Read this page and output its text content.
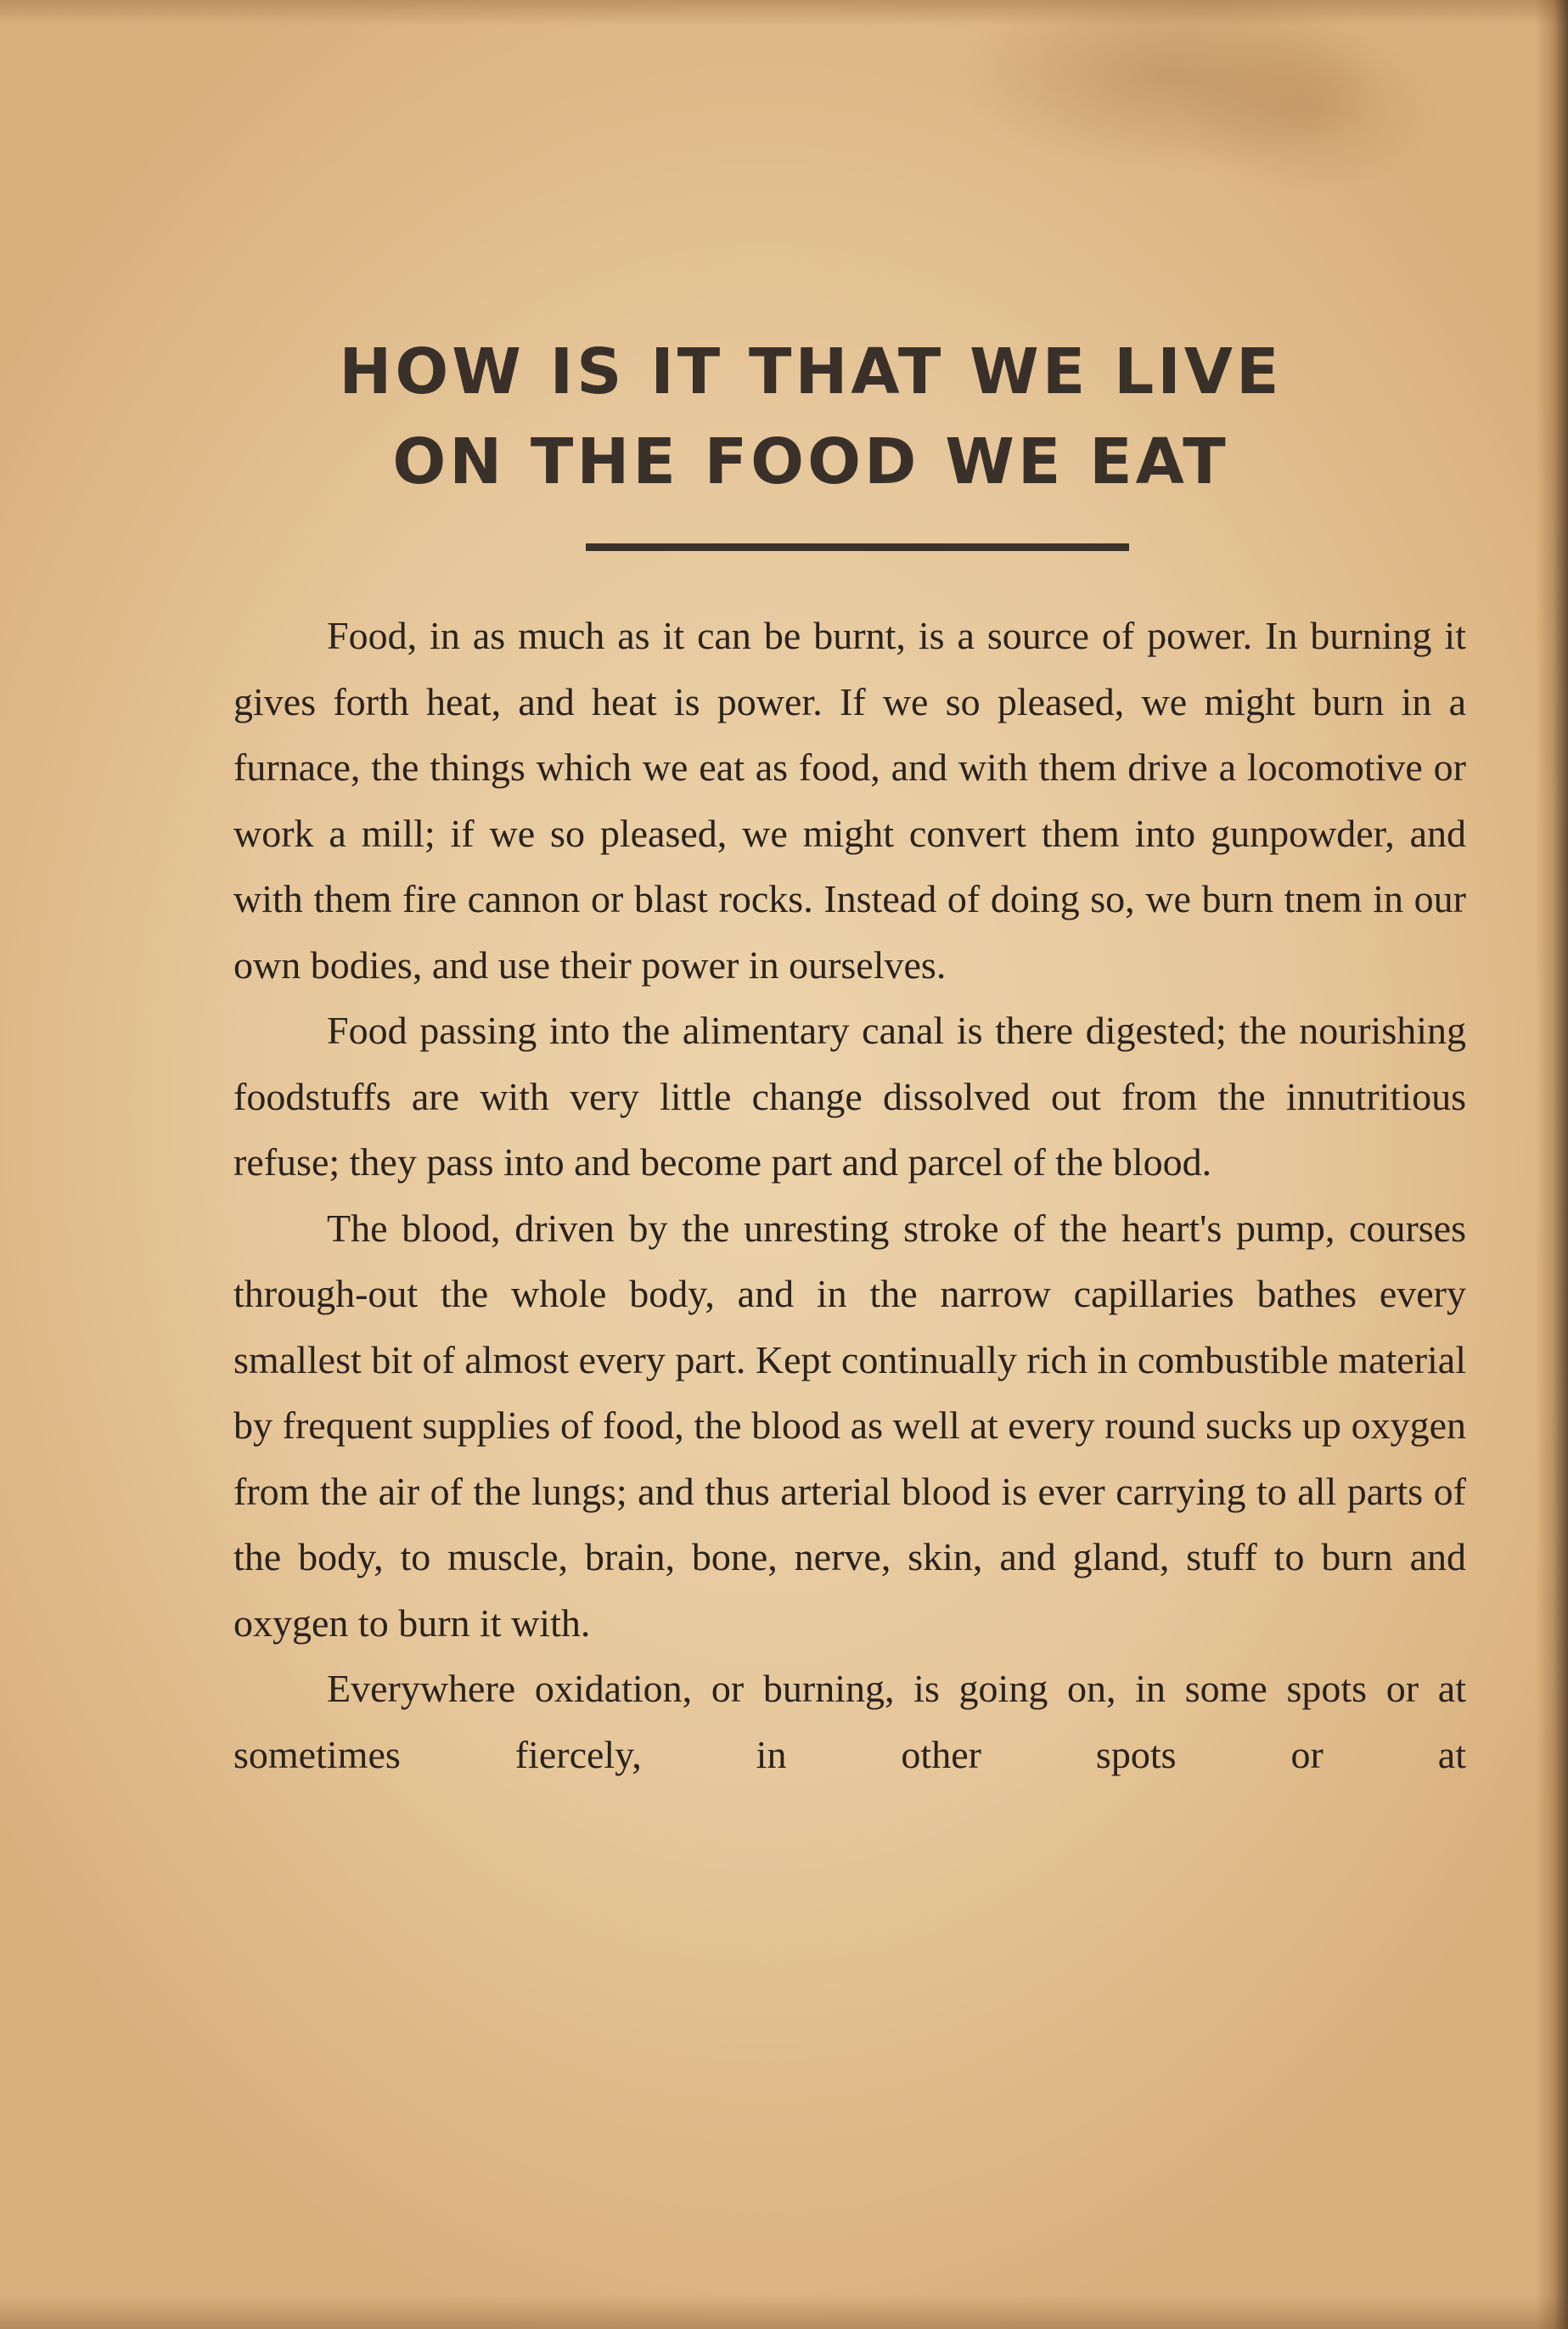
HOW IS IT THAT WE LIVE
ON THE FOOD WE EAT

Food, in as much as it can be burnt, is a source of power. In burning it gives forth heat, and heat is power. If we so pleased, we might burn in a furnace, the things which we eat as food, and with them drive a locomotive or work a mill; if we so pleased, we might convert them into gunpowder, and with them fire cannon or blast rocks. Instead of doing so, we burn tnem in our own bodies, and use their power in ourselves.

Food passing into the alimentary canal is there digested; the nourishing foodstuffs are with very little change dissolved out from the innutritious refuse; they pass into and become part and parcel of the blood.

The blood, driven by the unresting stroke of the heart's pump, courses through-out the whole body, and in the narrow capillaries bathes every smallest bit of almost every part. Kept continually rich in combustible material by frequent supplies of food, the blood as well at every round sucks up oxygen from the air of the lungs; and thus arterial blood is ever carrying to all parts of the body, to muscle, brain, bone, nerve, skin, and gland, stuff to burn and oxygen to burn it with.

Everywhere oxidation, or burning, is going on, in some spots or at sometimes fiercely, in other spots or at
